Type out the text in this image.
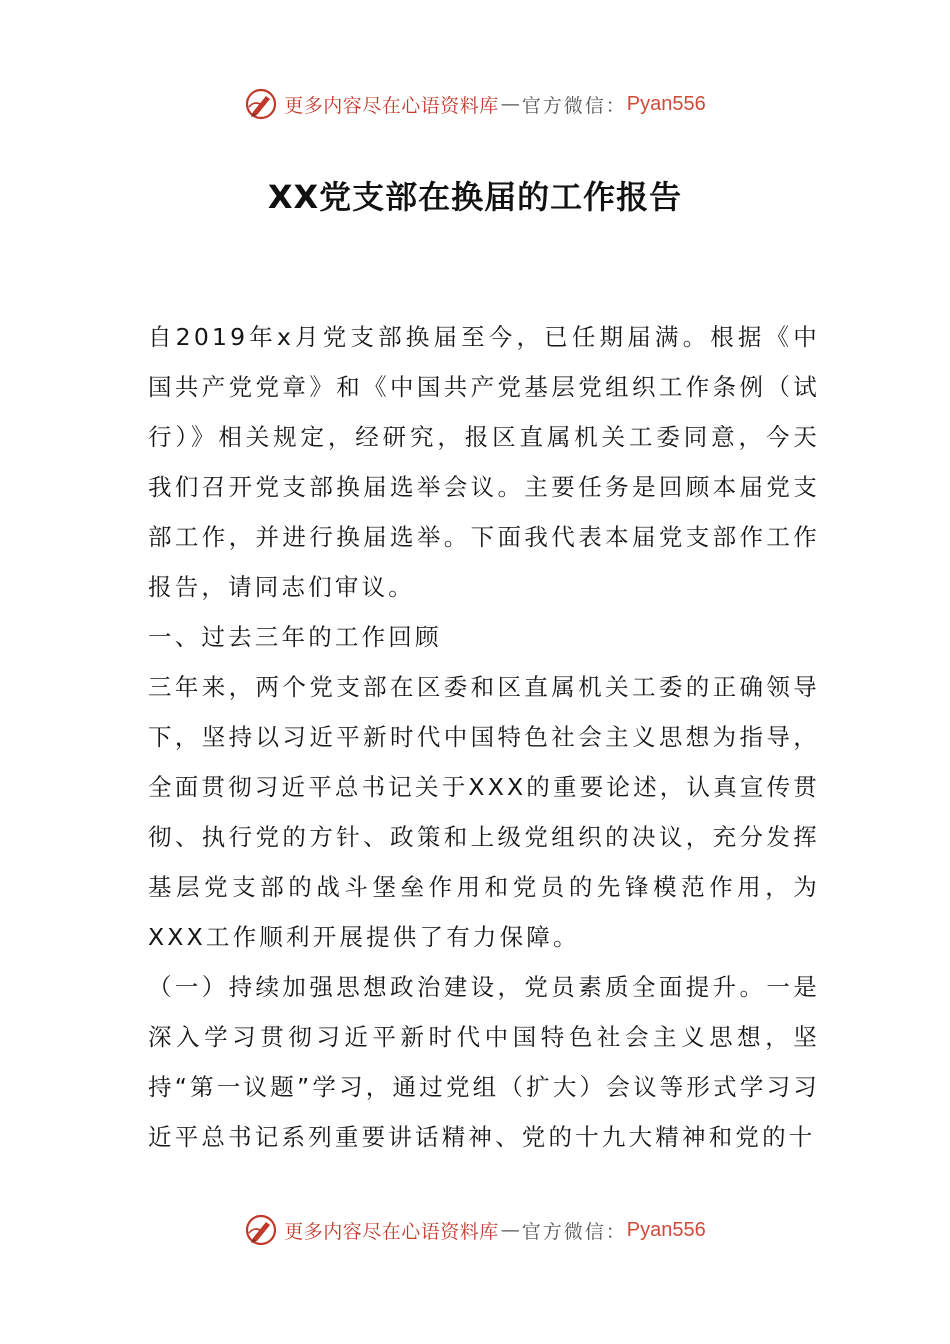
更多内容尽在心语资料库 — 官方微信： Pyan556
XX党支部在换届的工作报告

自2019年x月党支部换届至今，已任期届满。根据《中国共产党党章》和《中国共产党基层党组织工作条例（试行）》相关规定，经研究，报区直属机关工委同意，今天我们召开党支部换届选举会议。主要任务是回顾本届党支部工作，并进行换届选举。下面我代表本届党支部作工作报告，请同志们审议。

一、过去三年的工作回顾

三年来，两个党支部在区委和区直属机关工委的正确领导下，坚持以习近平新时代中国特色社会主义思想为指导，全面贯彻习近平总书记关于XXX的重要论述，认真宣传贯彻、执行党的方针、政策和上级党组织的决议，充分发挥基层党支部的战斗堡垒作用和党员的先锋模范作用，为XXX工作顺利开展提供了有力保障。

（一）持续加强思想政治建设，党员素质全面提升。一是深入学习贯彻习近平新时代中国特色社会主义思想，坚持“第一议题”学习，通过党组（扩大）会议等形式学习习近平总书记系列重要讲话精神、党的十九大精神和党的十

更多内容尽在心语资料库 — 官方微信： Pyan556
